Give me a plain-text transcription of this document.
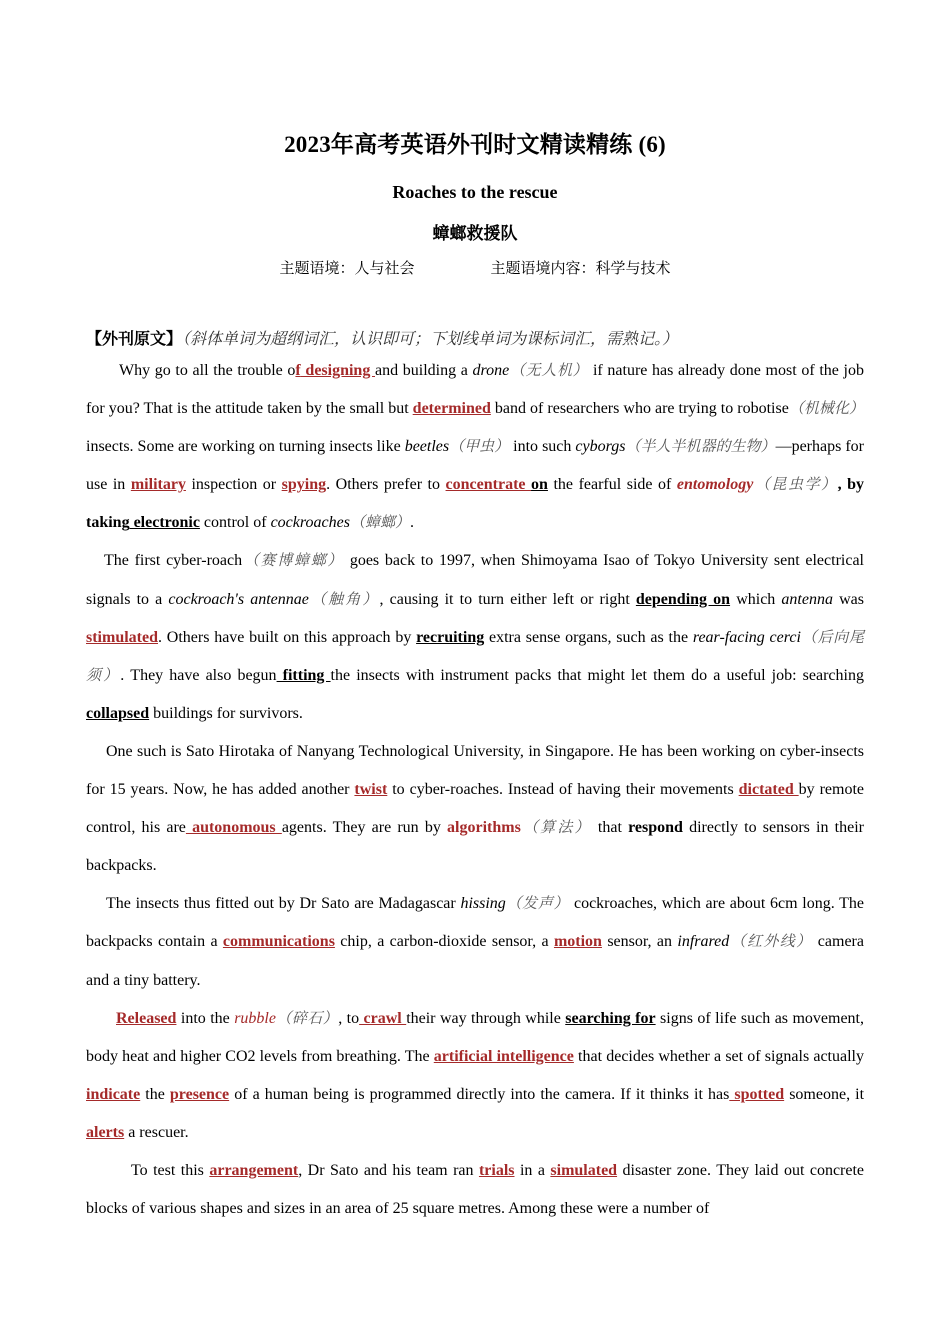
2023年高考英语外刊时文精读精练 (6)
Roaches to the rescue
蟑螂救援队
主题语境：人与社会	主题语境内容：科学与技术
【外刊原文】（斜体单词为超纲词汇，认识即可；下划线单词为课标词汇，需熟记。）

Why go to all the trouble of designing and building a drone（无人机） if nature has already done most of the job for you? That is the attitude taken by the small but determined band of researchers who are trying to robotise（机械化） insects. Some are working on turning insects like beetles（甲虫） into such cyborgs（半人半机器的生物）—perhaps for use in military inspection or spying. Others prefer to concentrate on the fearful side of entomology（昆虫学）, by taking electronic control of cockroaches（蟑螂）.

The first cyber-roach（赛博蟑螂） goes back to 1997, when Shimoyama Isao of Tokyo University sent electrical signals to a cockroach's antennae（触角）, causing it to turn either left or right depending on which antenna was stimulated. Others have built on this approach by recruiting extra sense organs, such as the rear-facing cerci（后向尾须）. They have also begun fitting the insects with instrument packs that might let them do a useful job: searching collapsed buildings for survivors.

One such is Sato Hirotaka of Nanyang Technological University, in Singapore. He has been working on cyber-insects for 15 years. Now, he has added another twist to cyber-roaches. Instead of having their movements dictated by remote control, his are autonomous agents. They are run by algorithms（算法） that respond directly to sensors in their backpacks.

The insects thus fitted out by Dr Sato are Madagascar hissing（发声） cockroaches, which are about 6cm long. The backpacks contain a communications chip, a carbon-dioxide sensor, a motion sensor, an infrared（红外线） camera and a tiny battery.

Released into the rubble（碎石）, to crawl their way through while searching for signs of life such as movement, body heat and higher CO2 levels from breathing. The artificial intelligence that decides whether a set of signals actually indicate the presence of a human being is programmed directly into the camera. If it thinks it has spotted someone, it alerts a rescuer.

To test this arrangement, Dr Sato and his team ran trials in a simulated disaster zone. They laid out concrete blocks of various shapes and sizes in an area of 25 square metres. Among these were a number of
